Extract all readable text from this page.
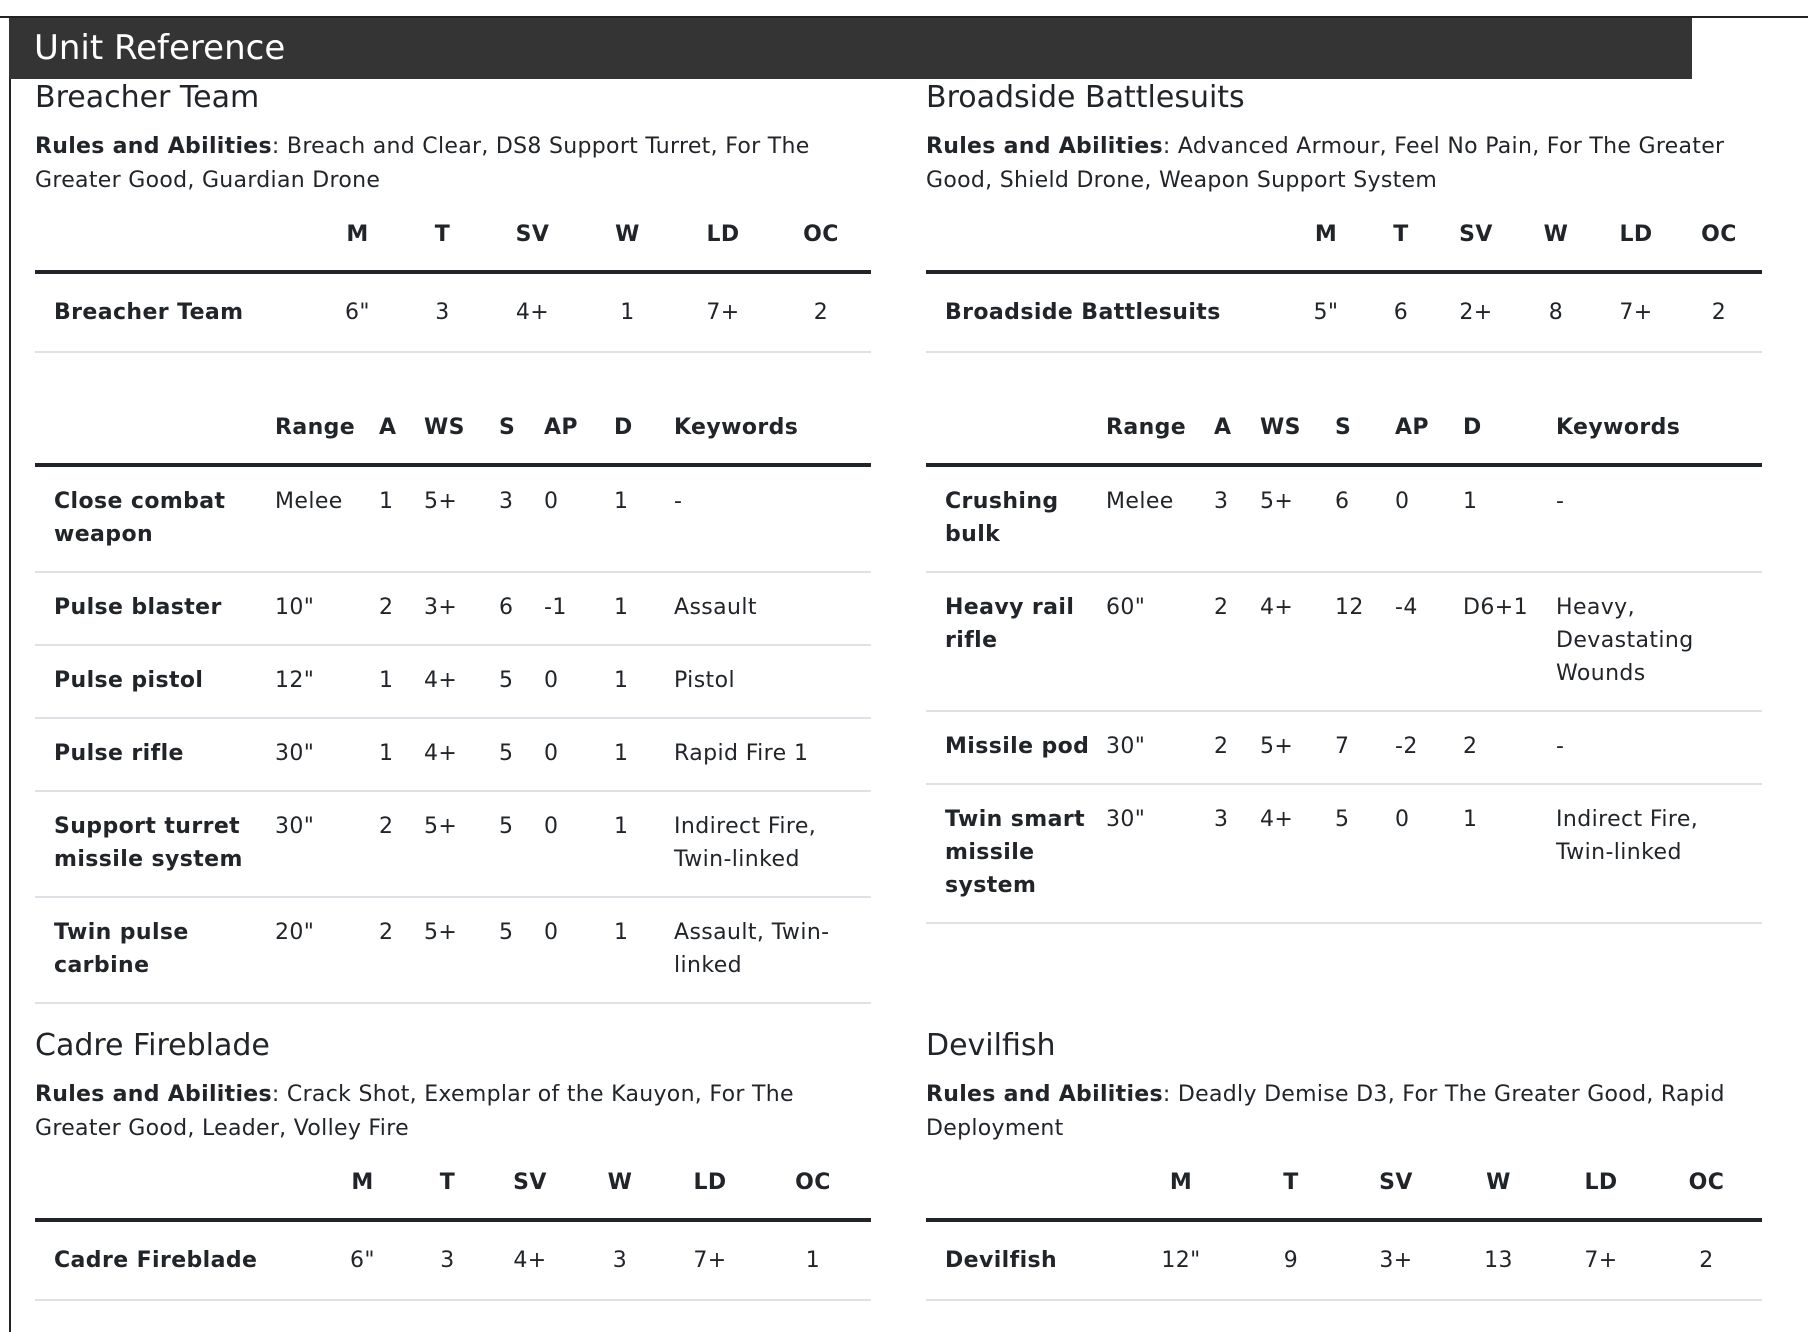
Unit Reference
Breacher Team

Rules and Abilities: Breach and Clear, DS8 Support Turret, For The Greater Good, Guardian Drone

	M	T	SV	W	LD	OC
Breacher Team	6"	3	4+	1	7+	2
	Range	A	WS	S	AP	D	Keywords
Close combat weapon	Melee	1	5+	3	0	1	-
Pulse blaster	10"	2	3+	6	-1	1	Assault
Pulse pistol	12"	1	4+	5	0	1	Pistol
Pulse rifle	30"	1	4+	5	0	1	Rapid Fire 1
Support turret missile system	30"	2	5+	5	0	1	Indirect Fire, Twin-linked
Twin pulse carbine	20"	2	5+	5	0	1	Assault, Twin-linked
Broadside Battlesuits

Rules and Abilities: Advanced Armour, Feel No Pain, For The Greater Good, Shield Drone, Weapon Support System

	M	T	SV	W	LD	OC
Broadside Battlesuits	5"	6	2+	8	7+	2
	Range	A	WS	S	AP	D	Keywords
Crushing bulk	Melee	3	5+	6	0	1	-
Heavy rail rifle	60"	2	4+	12	-4	D6+1	Heavy, Devastating Wounds
Missile pod	30"	2	5+	7	-2	2	-
Twin smart missile system	30"	3	4+	5	0	1	Indirect Fire, Twin-linked
Cadre Fireblade

Rules and Abilities: Crack Shot, Exemplar of the Kauyon, For The Greater Good, Leader, Volley Fire

	M	T	SV	W	LD	OC
Cadre Fireblade	6"	3	4+	3	7+	1
Devilfish

Rules and Abilities: Deadly Demise D3, For The Greater Good, Rapid Deployment

	M	T	SV	W	LD	OC
Devilfish	12"	9	3+	13	7+	2
